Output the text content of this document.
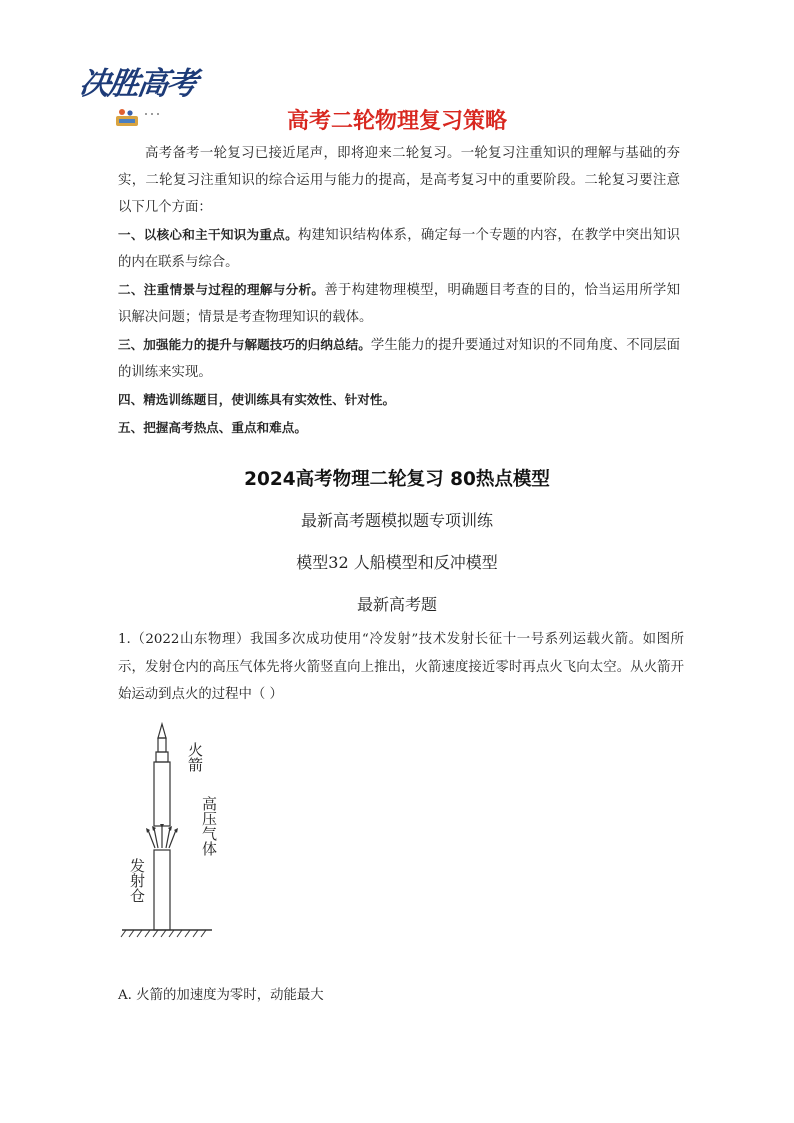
决胜高考
高考二轮物理复习策略

高考备考一轮复习已接近尾声，即将迎来二轮复习。一轮复习注重知识的理解与基础的夯实，二轮复习注重知识的综合运用与能力的提高，是高考复习中的重要阶段。二轮复习要注意以下几个方面：

一、以核心和主干知识为重点。构建知识结构体系，确定每一个专题的内容，在教学中突出知识的内在联系与综合。

二、注重情景与过程的理解与分析。善于构建物理模型，明确题目考查的目的，恰当运用所学知识解决问题；情景是考查物理知识的载体。

三、加强能力的提升与解题技巧的归纳总结。学生能力的提升要通过对知识的不同角度、不同层面的训练来实现。

四、精选训练题目，使训练具有实效性、针对性。

五、把握高考热点、重点和难点。

2024高考物理二轮复习 80热点模型
最新高考题模拟题专项训练
模型32 人船模型和反冲模型
最新高考题

1.（2022山东物理）我国多次成功使用“冷发射”技术发射长征十一号系列运载火箭。如图所示，发射仓内的高压气体先将火箭竖直向上推出，火箭速度接近零时再点火飞向太空。从火箭开始运动到点火的过程中（ ）

火箭
高压气体
发射仓
A. 火箭的加速度为零时，动能最大
